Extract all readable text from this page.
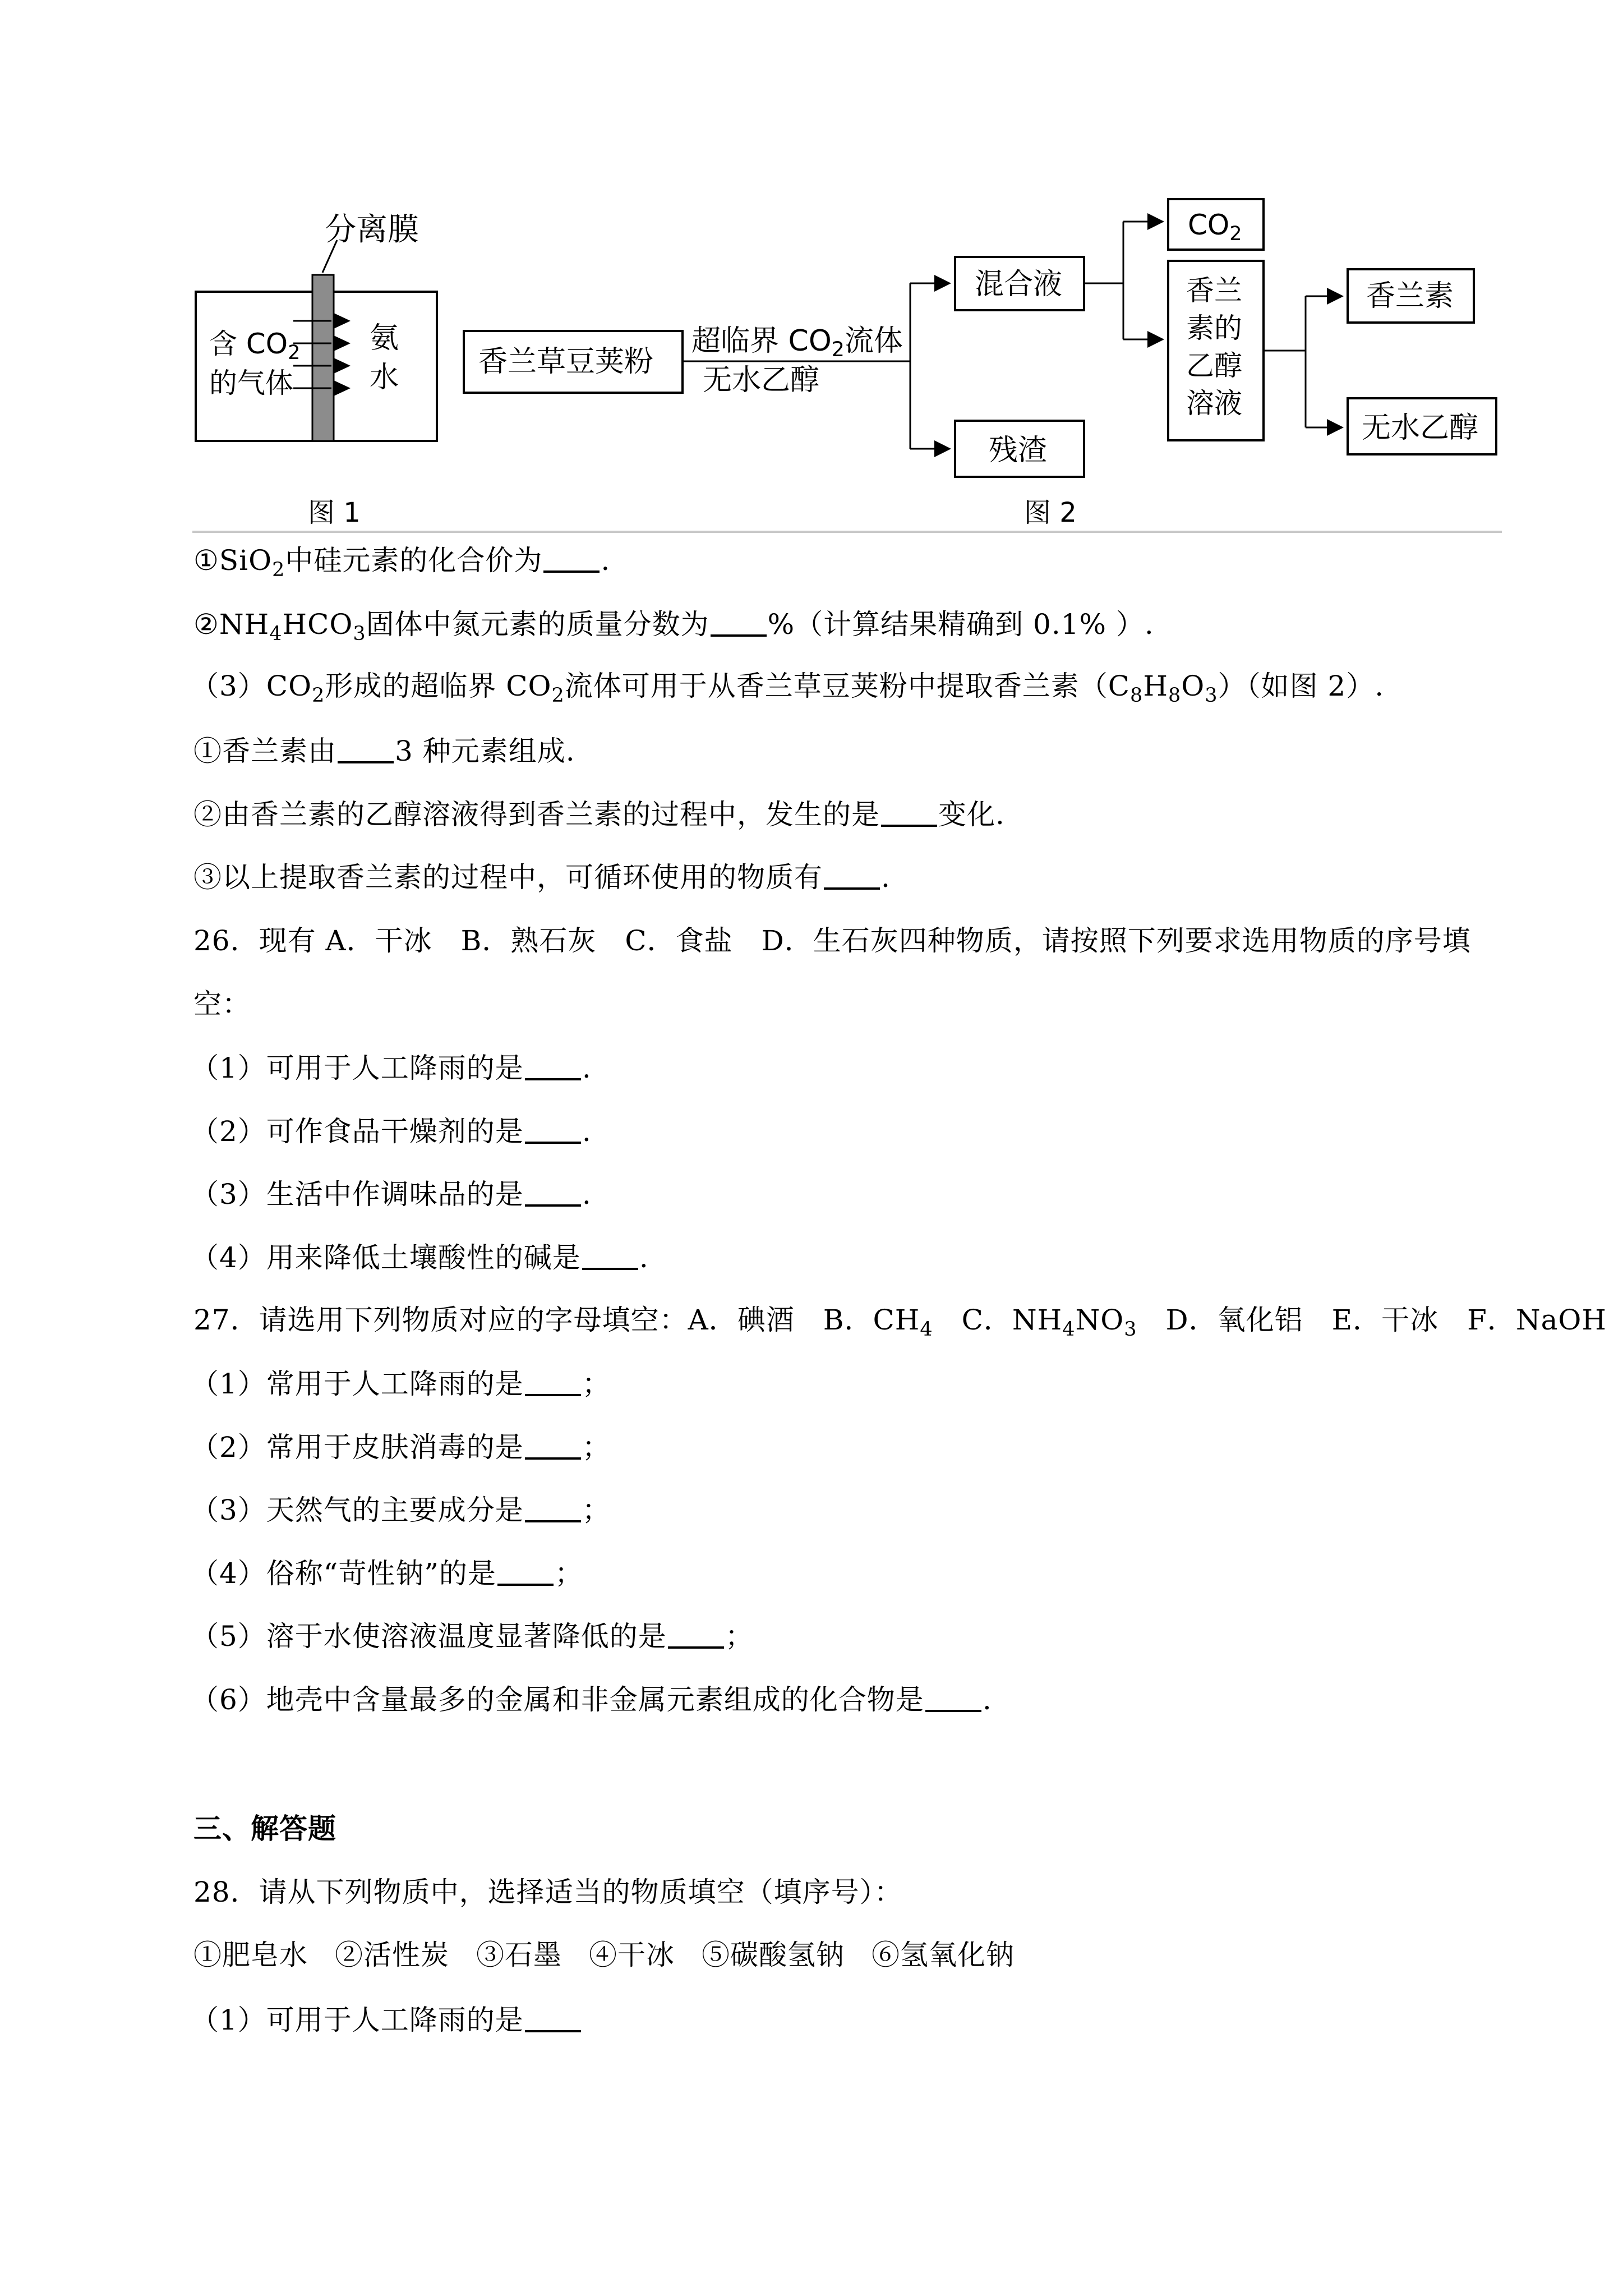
分离膜
含 $CO_2$
的气体
氨
水
图 1
香兰草豆荚粉
超临界 CO2流体
无水乙醇
混合液
残渣
$CO_2$
香兰
素的
乙醇
溶液
香兰素
无水乙醇
图 2
①SiO$_2$中硅元素的化合价为 .
$②NH_4HCO_3$固体中氮元素的质量分数为 %（计算结果精确到 0.1% ）.
$(3)CO_2$形成的超临界 $CO_2$流体可用于从香兰草豆荚粉中提取香兰素$(C_8H_8O_3)$（如图 2）.
①香兰素由 3 种元素组成.
②由香兰素的乙醇溶液得到香兰素的过程中，发生的是 变化.
③以上提取香兰素的过程中，可循环使用的物质有 .
26．现有 A．干冰　B．熟石灰　C．食盐　D．生石灰四种物质，请按照下列要求选用物质的序号填
空：
（1）可用于人工降雨的是 .
（2）可作食品干燥剂的是 .
（3）生活中作调味品的是 .
（4）用来降低土壤酸性的碱是 .
27．请选用下列物质对应的字母填空：A．碘酒　B．$CH_4$　C．$NH_4NO_3$　D．氧化铝　E．干冰　F．NaOH
（1）常用于人工降雨的是 ；
（2）常用于皮肤消毒的是 ；
（3）天然气的主要成分是 ；
（4）俗称“苛性钠”的是 ；
（5）溶于水使溶液温度显著降低的是 ；
（6）地壳中含量最多的金属和非金属元素组成的化合物是 .
三、解答题
28．请从下列物质中，选择适当的物质填空（填序号）：
①肥皂水 ②活性炭 ③石墨 ④干冰 ⑤碳酸氢钠 ⑥氢氧化钠
（1）可用于人工降雨的是
